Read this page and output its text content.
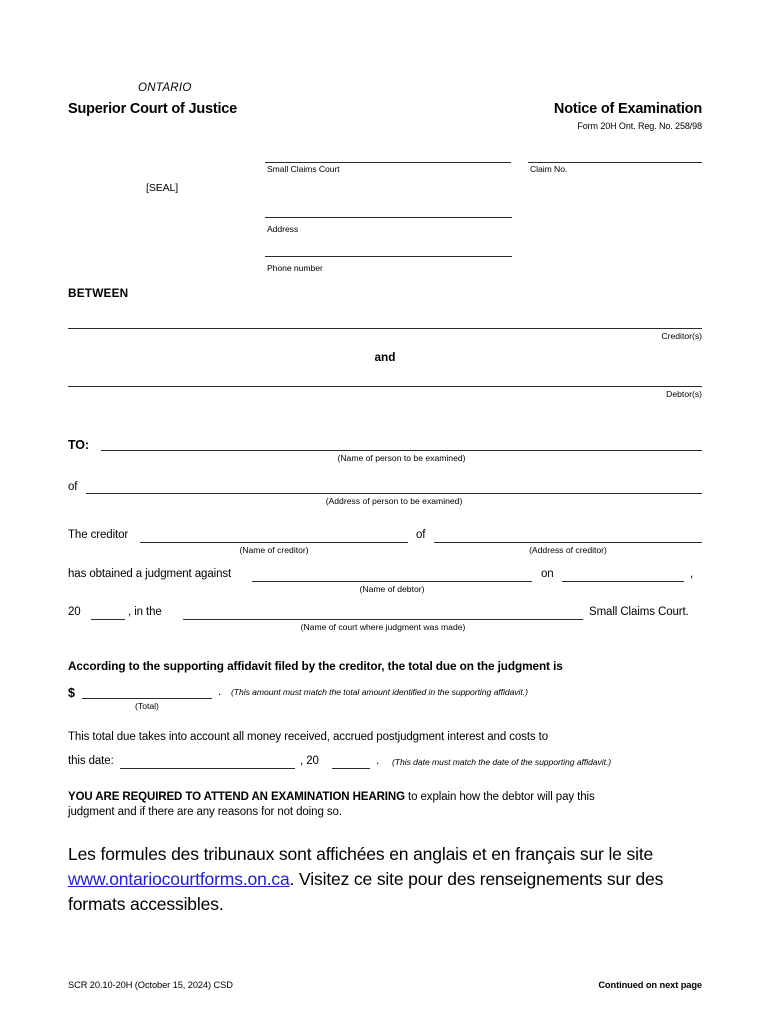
ONTARIO
Superior Court of Justice	Notice of Examination
Form 20H Ont. Reg. No. 258/98
[SEAL]
Small Claims Court	Claim No.
Address
Phone number
BETWEEN
Creditor(s)
and
Debtor(s)
TO:
(Name of person to be examined)
of
(Address of person to be examined)
The creditor
(Name of creditor)
of
(Address of creditor)
has obtained a judgment against
(Name of debtor)
on	,
20	, in the
(Name of court where judgment was made)
Small Claims Court.
According to the supporting affidavit filed by the creditor, the total due on the judgment is
$	.
(Total)
(This amount must match the total amount identified in the supporting affidavit.)
This total due takes into account all money received, accrued postjudgment interest and costs to
this date:	, 20	. (This date must match the date of the supporting affidavit.)
YOU ARE REQUIRED TO ATTEND AN EXAMINATION HEARING to explain how the debtor will pay this
judgment and if there are any reasons for not doing so.
Les formules des tribunaux sont affichées en anglais et en français sur le site www.ontariocourtforms.on.ca. Visitez ce site pour des renseignements sur des formats accessibles.
SCR 20.10-20H (October 15, 2024) CSD	Continued on next page
